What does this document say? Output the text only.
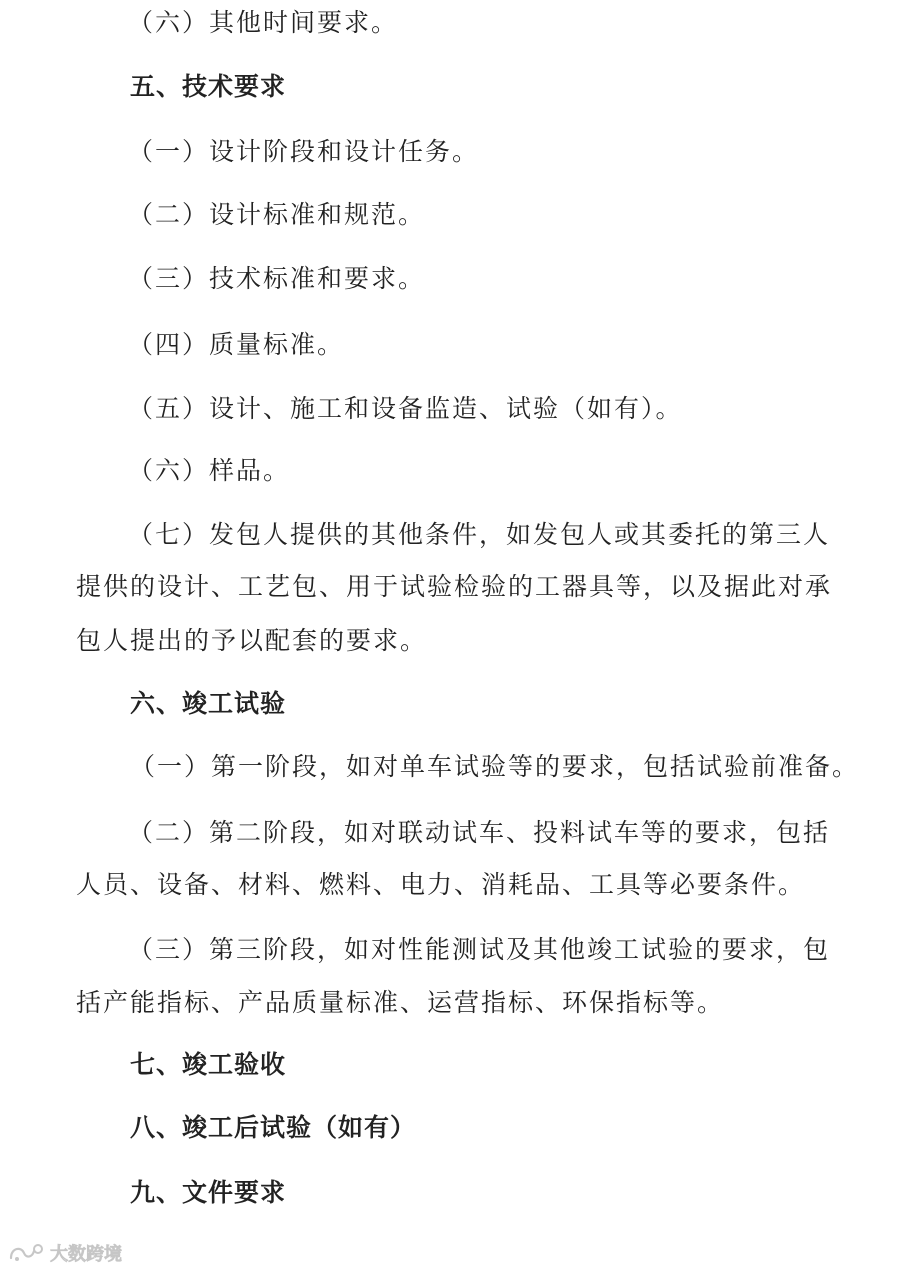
（六）其他时间要求。
五、技术要求
（一）设计阶段和设计任务。
（二）设计标准和规范。
（三）技术标准和要求。
（四）质量标准。
（五）设计、施工和设备监造、试验（如有）。
（六）样品。
（七）发包人提供的其他条件，如发包人或其委托的第三人
提供的设计、工艺包、用于试验检验的工器具等，以及据此对承
包人提出的予以配套的要求。
六、竣工试验
（一）第一阶段，如对单车试验等的要求，包括试验前准备。
（二）第二阶段，如对联动试车、投料试车等的要求，包括
人员、设备、材料、燃料、电力、消耗品、工具等必要条件。
（三）第三阶段，如对性能测试及其他竣工试验的要求，包
括产能指标、产品质量标准、运营指标、环保指标等。
七、竣工验收
八、竣工后试验（如有）
九、文件要求
大数跨境
